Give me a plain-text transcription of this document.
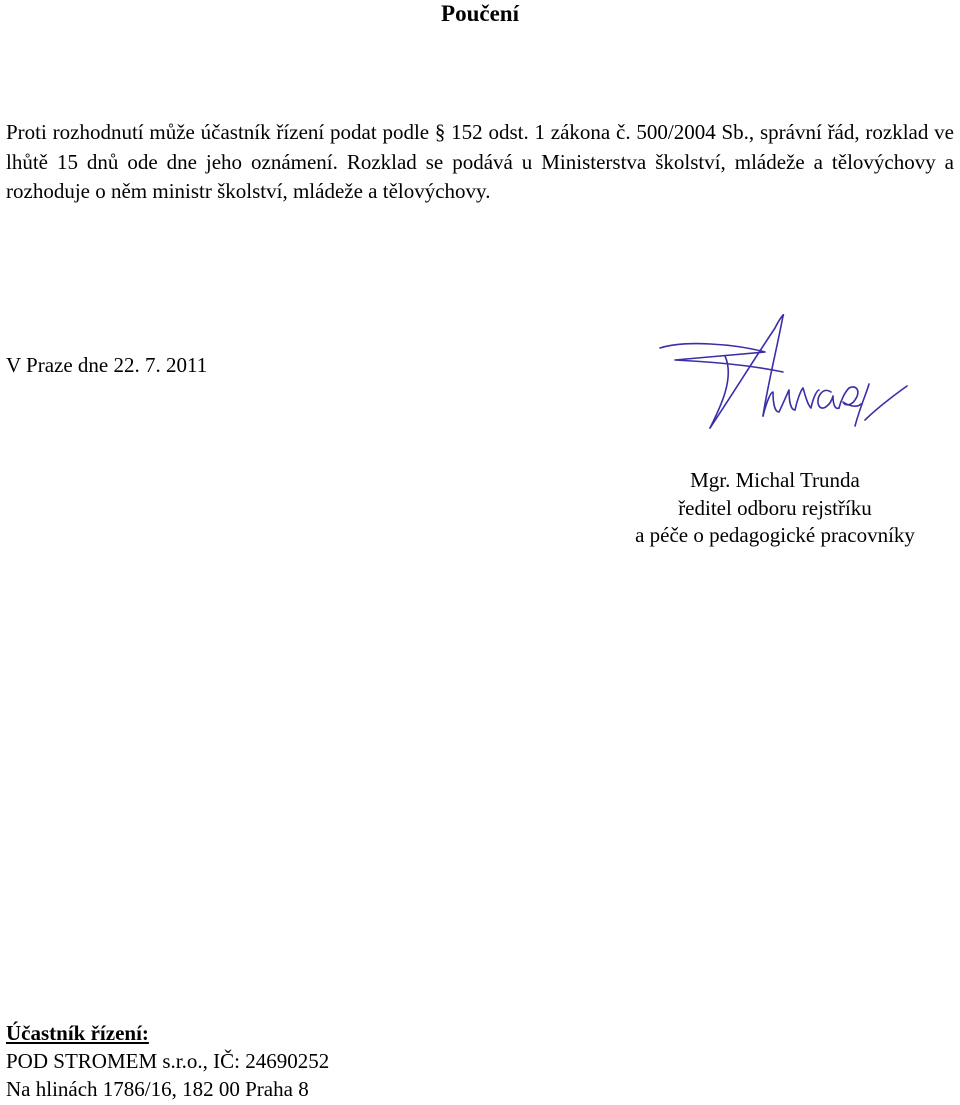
Poučení

Proti rozhodnutí může účastník řízení podat podle § 152 odst. 1 zákona č. 500/2004 Sb., správní řád, rozklad ve lhůtě 15 dnů ode dne jeho oznámení. Rozklad se podává u Ministerstva školství, mládeže a tělovýchovy a rozhoduje o něm ministr školství, mládeže a tělovýchovy.

V Praze dne 22. 7. 2011
Mgr. Michal Trunda
ředitel odboru rejstříku
a péče o pedagogické pracovníky
Účastník řízení:
POD STROMEM s.r.o., IČ: 24690252
Na hlinách 1786/16, 182 00 Praha 8
